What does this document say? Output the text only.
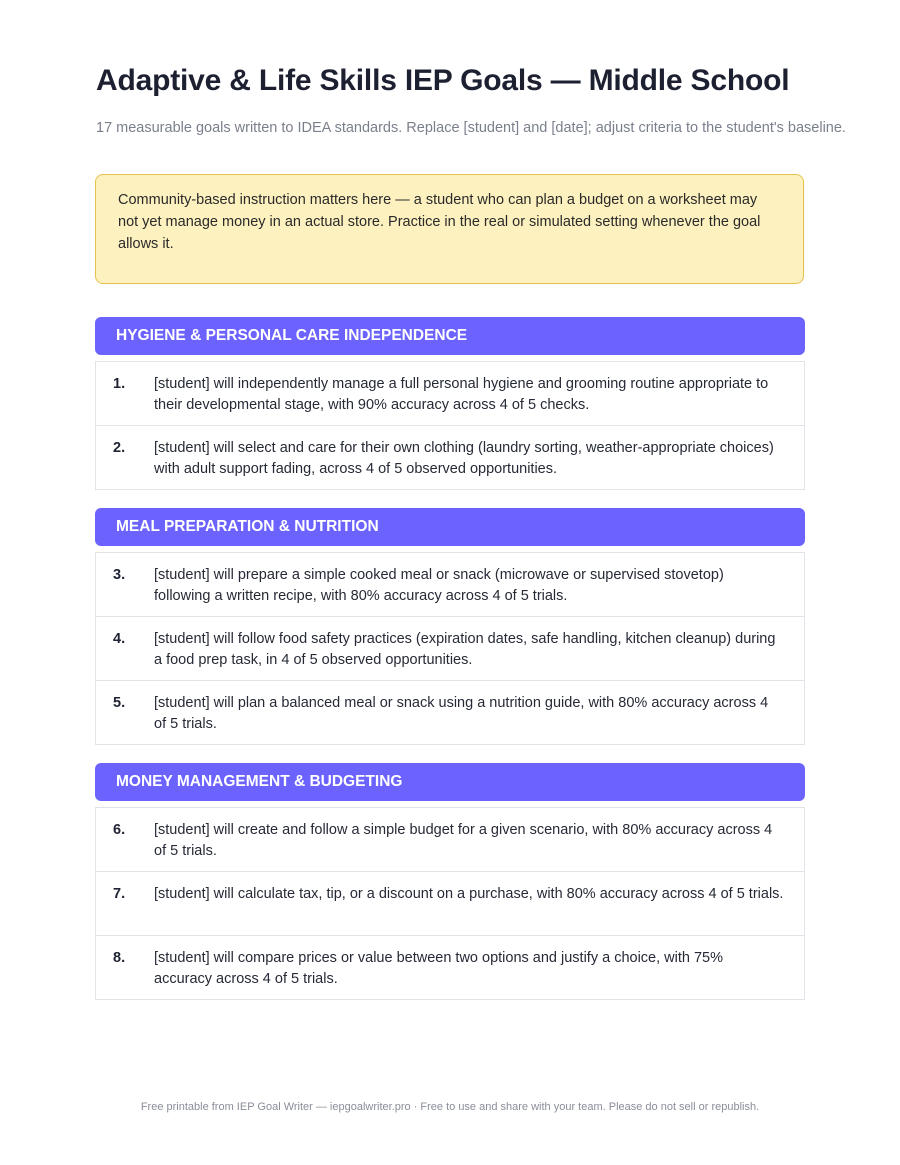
Adaptive & Life Skills IEP Goals — Middle School

17 measurable goals written to IDEA standards. Replace [student] and [date]; adjust criteria to the student's baseline.

Community-based instruction matters here — a student who can plan a budget on a worksheet may not yet manage money in an actual store. Practice in the real or simulated setting whenever the goal allows it.
HYGIENE & PERSONAL CARE INDEPENDENCE
1.	[student] will independently manage a full personal hygiene and grooming routine appropriate to their developmental stage, with 90% accuracy across 4 of 5 checks.
2.	[student] will select and care for their own clothing (laundry sorting, weather-appropriate choices) with adult support fading, across 4 of 5 observed opportunities.
MEAL PREPARATION & NUTRITION
3.	[student] will prepare a simple cooked meal or snack (microwave or supervised stovetop) following a written recipe, with 80% accuracy across 4 of 5 trials.
4.	[student] will follow food safety practices (expiration dates, safe handling, kitchen cleanup) during a food prep task, in 4 of 5 observed opportunities.
5.	[student] will plan a balanced meal or snack using a nutrition guide, with 80% accuracy across 4 of 5 trials.
MONEY MANAGEMENT & BUDGETING
6.	[student] will create and follow a simple budget for a given scenario, with 80% accuracy across 4 of 5 trials.
7.	[student] will calculate tax, tip, or a discount on a purchase, with 80% accuracy across 4 of 5 trials.
8.	[student] will compare prices or value between two options and justify a choice, with 75% accuracy across 4 of 5 trials.
Free printable from IEP Goal Writer — iepgoalwriter.pro · Free to use and share with your team. Please do not sell or republish.
